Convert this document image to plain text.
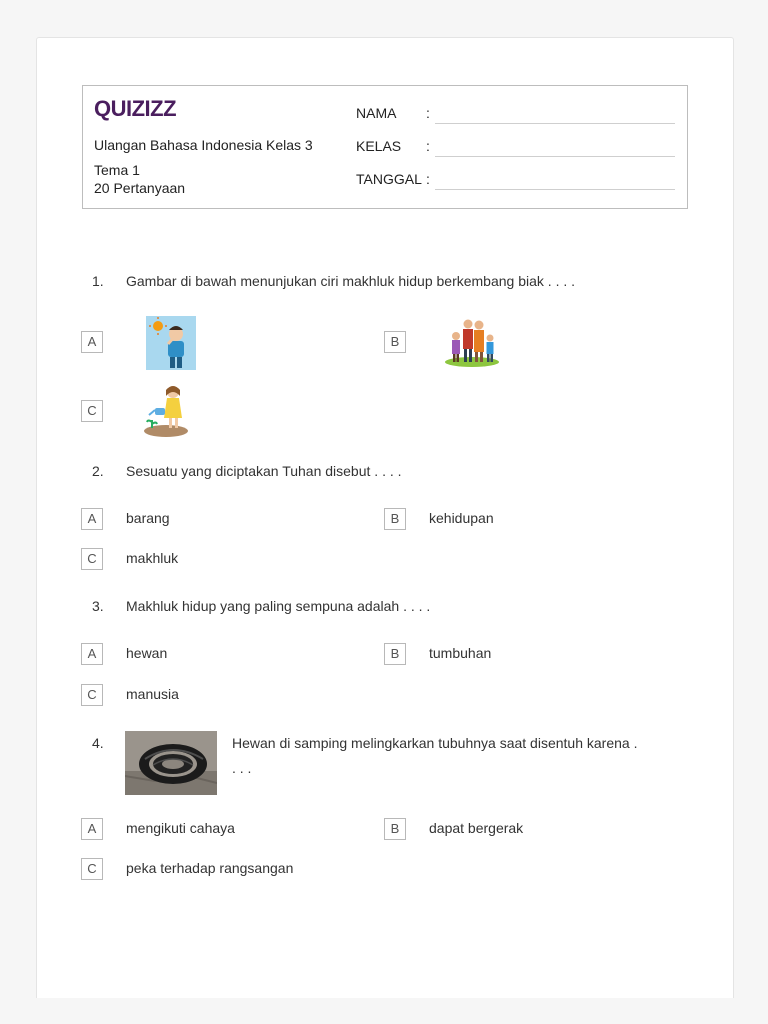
QUIZIZZ
Ulangan Bahasa Indonesia Kelas 3
Tema 1
20 Pertanyaan
NAMA :
KELAS :
TANGGAL :
1. Gambar di bawah menunjukan ciri makhluk hidup berkembang biak . . . .
A	B
C
2. Sesuatu yang diciptakan Tuhan disebut . . . .
A	barang	B	kehidupan
C	makhluk
3. Makhluk hidup yang paling sempuna adalah . . . .
A	hewan	B	tumbuhan
C	manusia
4.	Hewan di samping melingkarkan tubuhnya saat disentuh karena .
. . .
A	mengikuti cahaya	B	dapat bergerak
C	peka terhadap rangsangan
